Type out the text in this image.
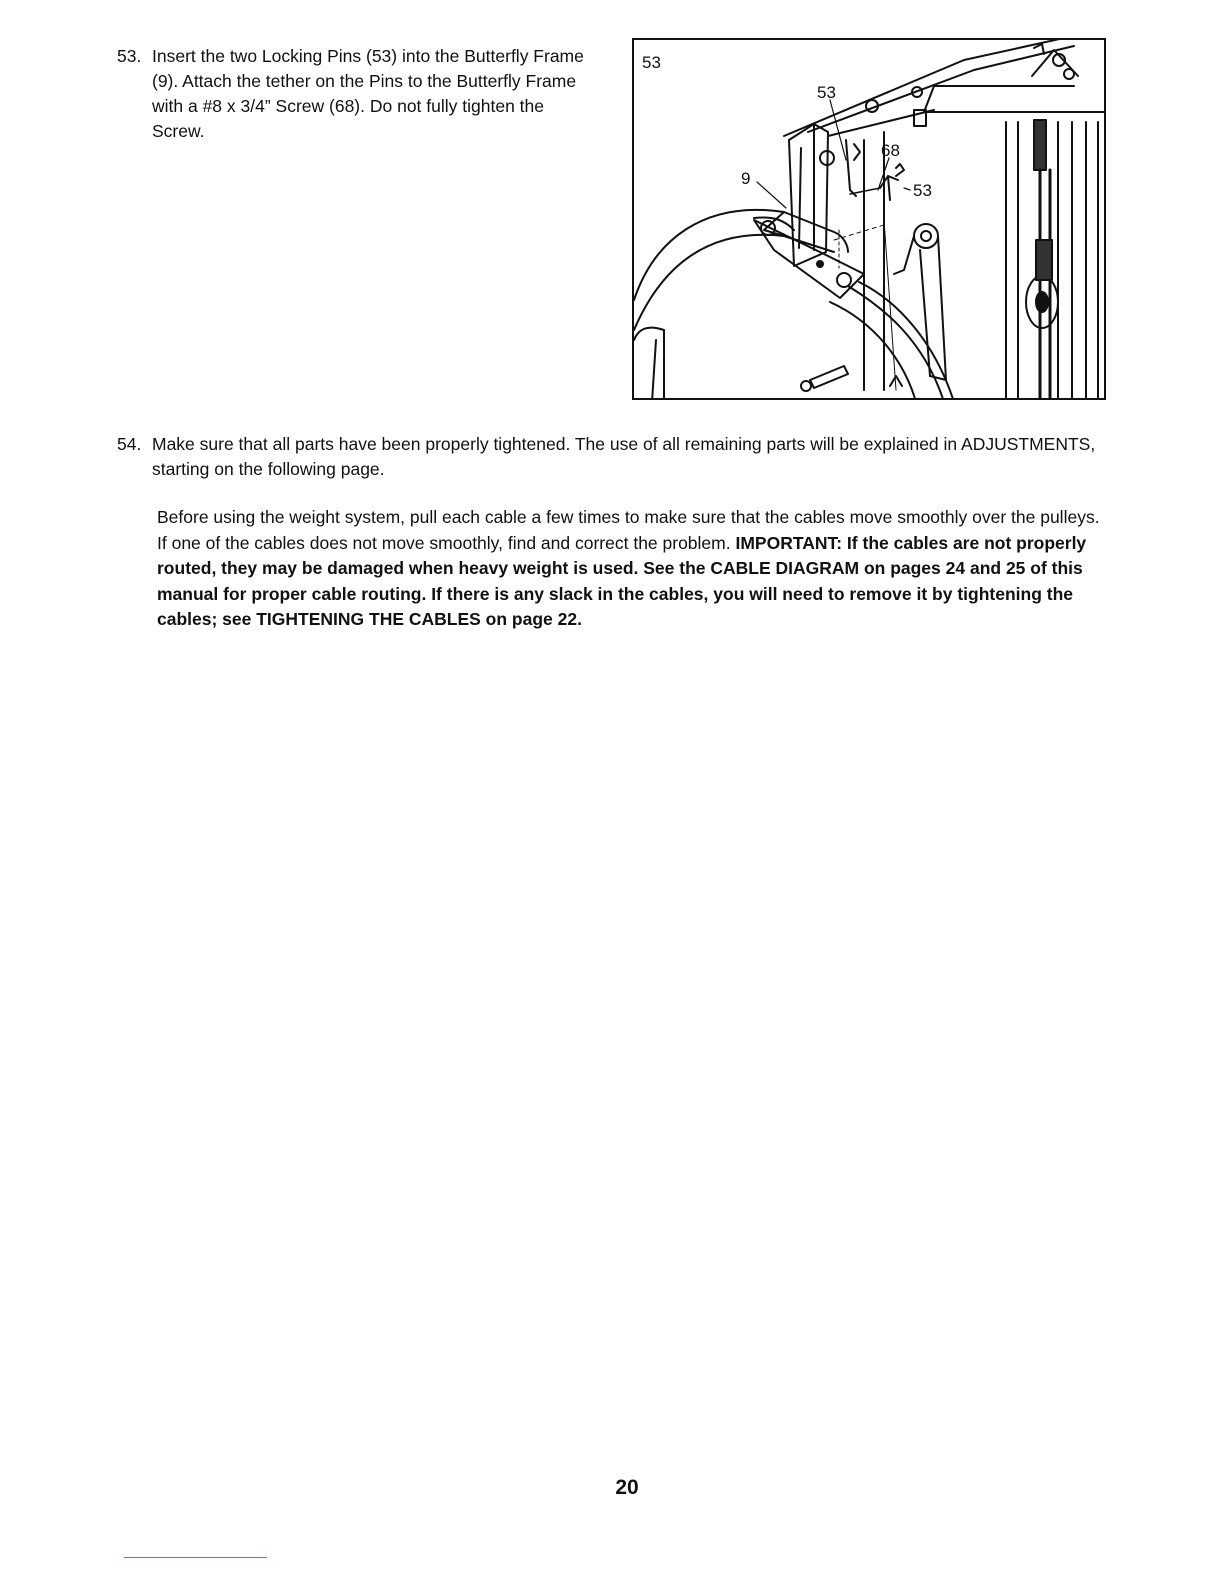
53. Insert the two Locking Pins (53) into the Butterfly Frame (9). Attach the tether on the Pins to the Butterfly Frame with a #8 x 3/4” Screw (68). Do not fully tighten the Screw.
53
53
68
9
53
54. Make sure that all parts have been properly tightened. The use of all remaining parts will be explained in ADJUSTMENTS, starting on the following page.
Before using the weight system, pull each cable a few times to make sure that the cables move smoothly over the pulleys. If one of the cables does not move smoothly, find and correct the problem. IMPORTANT: If the cables are not properly routed, they may be damaged when heavy weight is used. See the CABLE DIAGRAM on pages 24 and 25 of this manual for proper cable routing. If there is any slack in the cables, you will need to remove it by tightening the cables; see TIGHTENING THE CABLES on page 22.
20
